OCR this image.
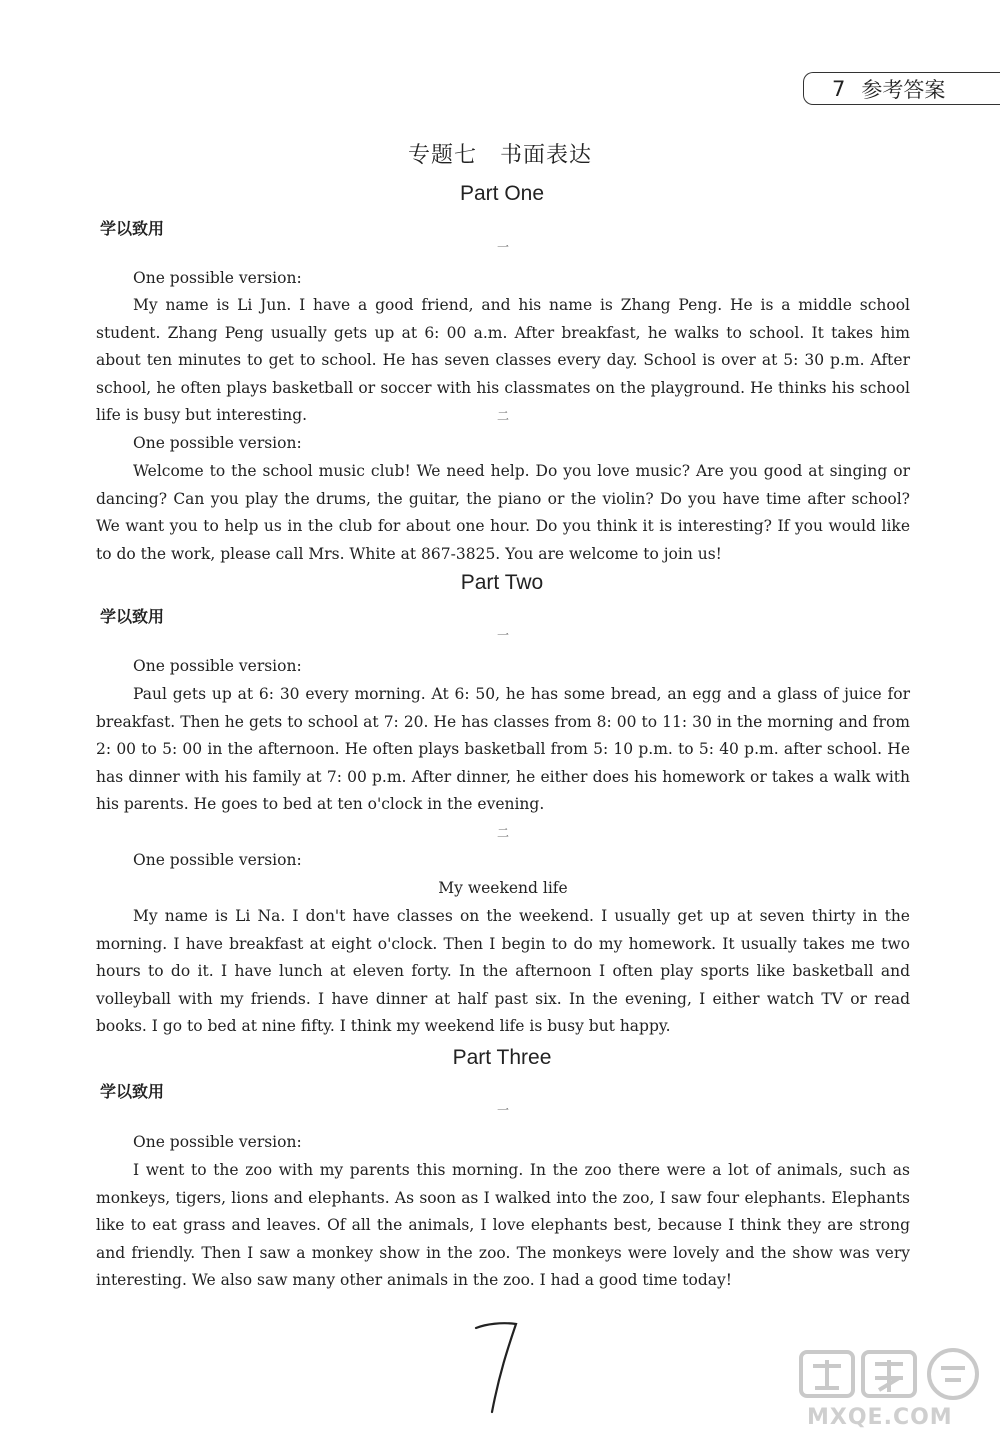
7 参考答案
专题七　书面表达
Part One
学以致用
一
One possible version:

My name is Li Jun. I have a good friend, and his name is Zhang Peng. He is a middle school student. Zhang Peng usually gets up at 6: 00 a.m. After breakfast, he walks to school. It takes him about ten minutes to get to school. He has seven classes every day. School is over at 5: 30 p.m. After school, he often plays basketball or soccer with his classmates on the playground. He thinks his school life is busy but interesting.	二
One possible version:

Welcome to the school music club! We need help. Do you love music? Are you good at singing or dancing? Can you play the drums, the guitar, the piano or the violin? Do you have time after school? We want you to help us in the club for about one hour. Do you think it is interesting? If you would like to do the work, please call Mrs. White at 867-3825. You are welcome to join us!

Part Two
学以致用
一
One possible version:

Paul gets up at 6: 30 every morning. At 6: 50, he has some bread, an egg and a glass of juice for breakfast. Then he gets to school at 7: 20. He has classes from 8: 00 to 11: 30 in the morning and from 2: 00 to 5: 00 in the afternoon. He often plays basketball from 5: 10 p.m. to 5: 40 p.m. after school. He has dinner with his family at 7: 00 p.m. After dinner, he either does his homework or takes a walk with his parents. He goes to bed at ten o'clock in the evening.

二
One possible version:
My weekend life

My name is Li Na. I don't have classes on the weekend. I usually get up at seven thirty in the morning. I have breakfast at eight o'clock. Then I begin to do my homework. It usually takes me two hours to do it. I have lunch at eleven forty. In the afternoon I often play sports like basketball and volleyball with my friends. I have dinner at half past six. In the evening, I either watch TV or read books. I go to bed at nine fifty. I think my weekend life is busy but happy.

Part Three
学以致用
一
One possible version:

I went to the zoo with my parents this morning. In the zoo there were a lot of animals, such as monkeys, tigers, lions and elephants. As soon as I walked into the zoo, I saw four elephants. Elephants like to eat grass and leaves. Of all the animals, I love elephants best, because I think they are strong and friendly. Then I saw a monkey show in the zoo. The monkeys were lovely and the show was very interesting. We also saw many other animals in the zoo. I had a good time today!

MXQE.COM
